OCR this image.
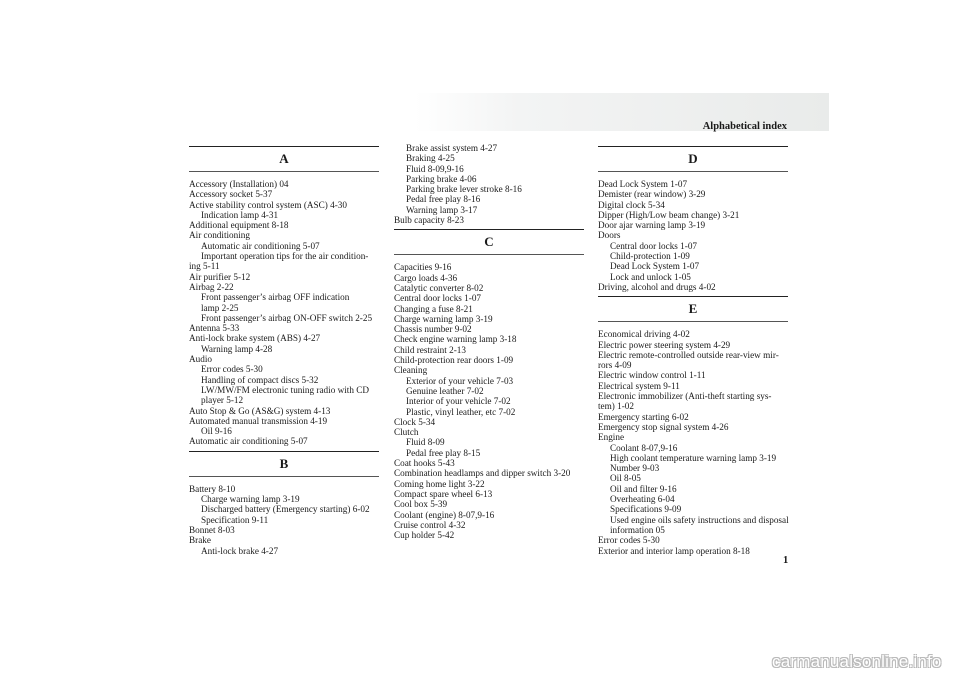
Alphabetical index
A
Accessory (Installation) 04
Accessory socket 5-37
Active stability control system (ASC) 4-30
Indication lamp 4-31
Additional equipment 8-18
Air conditioning
Automatic air conditioning 5-07
Important operation tips for the air condition-
ing 5-11
Air purifier 5-12
Airbag 2-22
Front passenger’s airbag OFF indication
lamp 2-25
Front passenger’s airbag ON-OFF switch 2-25
Antenna 5-33
Anti-lock brake system (ABS) 4-27
Warning lamp 4-28
Audio
Error codes 5-30
Handling of compact discs 5-32
LW/MW/FM electronic tuning radio with CD
player 5-12
Auto Stop & Go (AS&G) system 4-13
Automated manual transmission 4-19
Oil 9-16
Automatic air conditioning 5-07
B
Battery 8-10
Charge warning lamp 3-19
Discharged battery (Emergency starting) 6-02
Specification 9-11
Bonnet 8-03
Brake
Anti-lock brake 4-27
Brake assist system 4-27
Braking 4-25
Fluid 8-09,9-16
Parking brake 4-06
Parking brake lever stroke 8-16
Pedal free play 8-16
Warning lamp 3-17
Bulb capacity 8-23
C
Capacities 9-16
Cargo loads 4-36
Catalytic converter 8-02
Central door locks 1-07
Changing a fuse 8-21
Charge warning lamp 3-19
Chassis number 9-02
Check engine warning lamp 3-18
Child restraint 2-13
Child-protection rear doors 1-09
Cleaning
Exterior of your vehicle 7-03
Genuine leather 7-02
Interior of your vehicle 7-02
Plastic, vinyl leather, etc 7-02
Clock 5-34
Clutch
Fluid 8-09
Pedal free play 8-15
Coat hooks 5-43
Combination headlamps and dipper switch 3-20
Coming home light 3-22
Compact spare wheel 6-13
Cool box 5-39
Coolant (engine) 8-07,9-16
Cruise control 4-32
Cup holder 5-42
D
Dead Lock System 1-07
Demister (rear window) 3-29
Digital clock 5-34
Dipper (High/Low beam change) 3-21
Door ajar warning lamp 3-19
Doors
Central door locks 1-07
Child-protection 1-09
Dead Lock System 1-07
Lock and unlock 1-05
Driving, alcohol and drugs 4-02
E
Economical driving 4-02
Electric power steering system 4-29
Electric remote-controlled outside rear-view mir-
rors 4-09
Electric window control 1-11
Electrical system 9-11
Electronic immobilizer (Anti-theft starting sys-
tem) 1-02
Emergency starting 6-02
Emergency stop signal system 4-26
Engine
Coolant 8-07,9-16
High coolant temperature warning lamp 3-19
Number 9-03
Oil 8-05
Oil and filter 9-16
Overheating 6-04
Specifications 9-09
Used engine oils safety instructions and disposal
information 05
Error codes 5-30
Exterior and interior lamp operation 8-18
1
carmanualsonline.info
